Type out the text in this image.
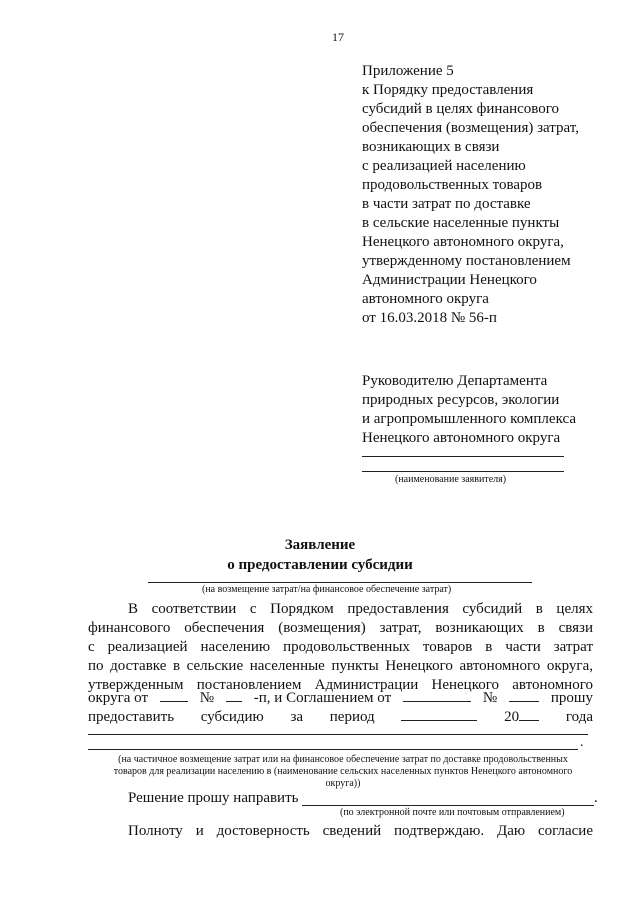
17
Приложение 5
к Порядку предоставления
субсидий в целях финансового
обеспечения (возмещения) затрат,
возникающих в связи
с реализацией населению
продовольственных товаров
в части затрат по доставке
в сельские населенные пункты
Ненецкого автономного округа,
утвержденному постановлением
Администрации Ненецкого
автономного округа
от 16.03.2018 № 56-п
Руководителю Департамента
природных ресурсов, экологии
и агропромышленного комплекса
Ненецкого автономного округа
(наименование заявителя)
Заявление
о предоставлении субсидии
(на возмещение затрат/на финансовое обеспечение затрат)
В соответствии с Порядком предоставления субсидий в целях
финансового обеспечения (возмещения) затрат, возникающих в связи
с реализацией населению продовольственных товаров в части затрат
по доставке в сельские населенные пункты Ненецкого автономного округа,
утвержденным постановлением Администрации Ненецкого автономного
округа от	№	-п, и Соглашением от	№	прошу
предоставить субсидию за период	20	года
.
(на частичное возмещение затрат или на финансовое обеспечение затрат по доставке продовольственных
товаров для реализации населению в (наименование сельских населенных пунктов Ненецкого автономного
округа))
Решение прошу направить	.
(по электронной почте или почтовым отправлением)
Полноту и достоверность сведений подтверждаю. Даю согласие
